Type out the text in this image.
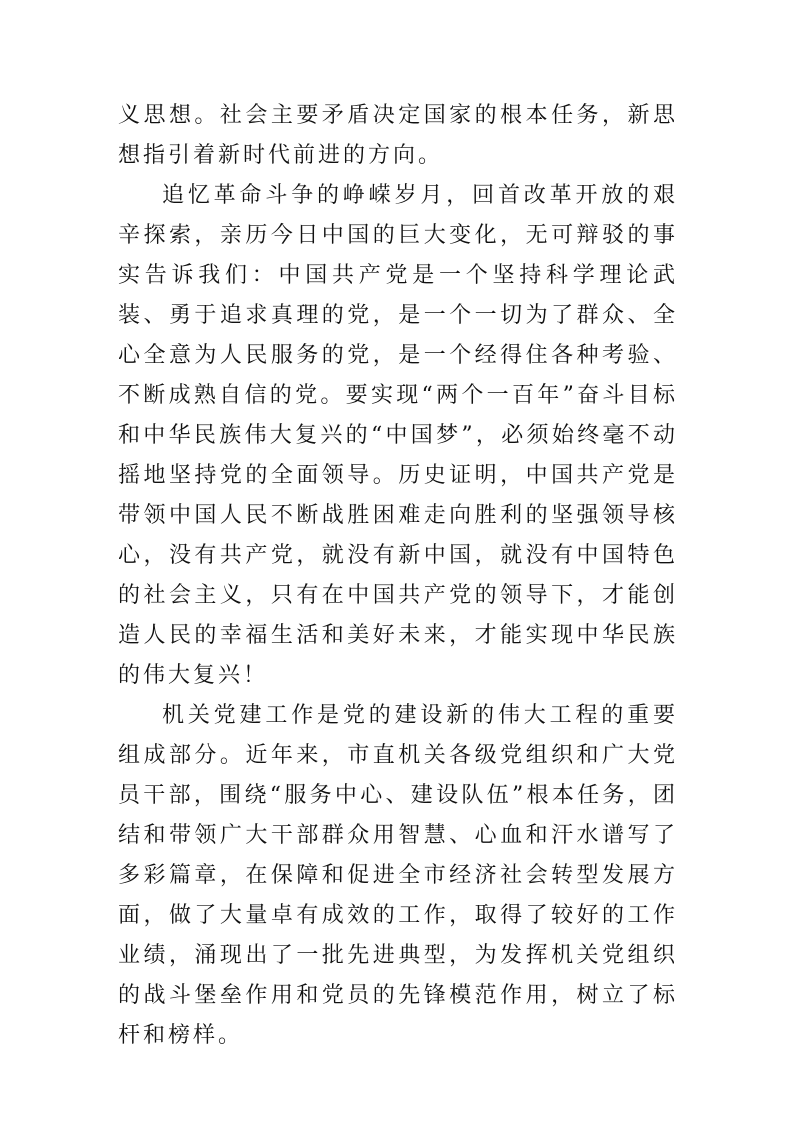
义思想。社会主要矛盾决定国家的根本任务，新思想指引着新时代前进的方向。

追忆革命斗争的峥嵘岁月，回首改革开放的艰辛探索，亲历今日中国的巨大变化，无可辩驳的事实告诉我们：中国共产党是一个坚持科学理论武装、勇于追求真理的党，是一个一切为了群众、全心全意为人民服务的党，是一个经得住各种考验、不断成熟自信的党。要实现“两个一百年”奋斗目标和中华民族伟大复兴的“中国梦”，必须始终毫不动摇地坚持党的全面领导。历史证明，中国共产党是带领中国人民不断战胜困难走向胜利的坚强领导核心，没有共产党，就没有新中国，就没有中国特色的社会主义，只有在中国共产党的领导下，才能创造人民的幸福生活和美好未来，才能实现中华民族的伟大复兴！

机关党建工作是党的建设新的伟大工程的重要组成部分。近年来，市直机关各级党组织和广大党员干部，围绕“服务中心、建设队伍”根本任务，团结和带领广大干部群众用智慧、心血和汗水谱写了多彩篇章，在保障和促进全市经济社会转型发展方面，做了大量卓有成效的工作，取得了较好的工作业绩，涌现出了一批先进典型，为发挥机关党组织的战斗堡垒作用和党员的先锋模范作用，树立了标杆和榜样。
